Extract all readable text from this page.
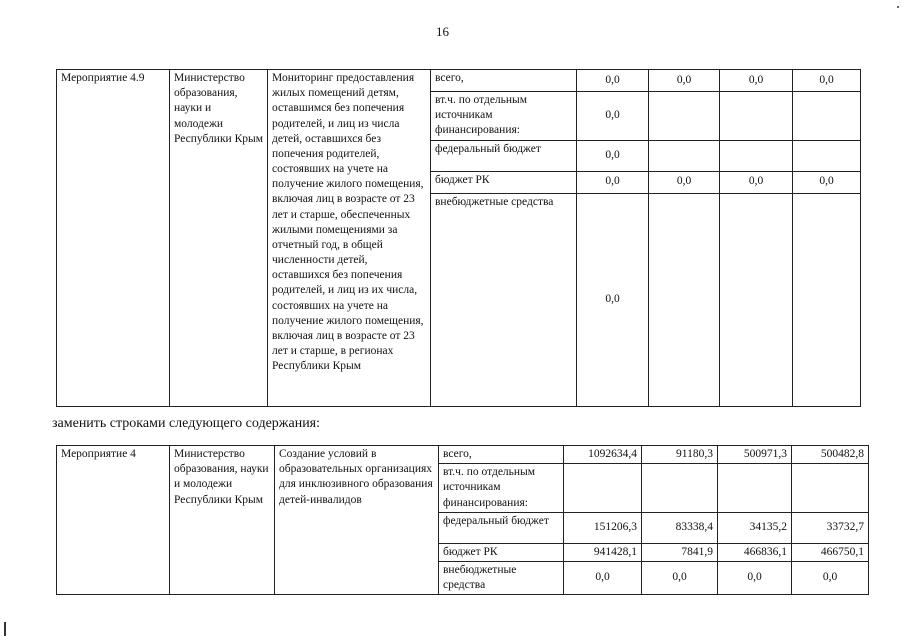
16
Мероприятие 4.9	Министерство образования, науки и молодежи Республики Крым	Мониторинг предоставления жилых помещений детям, оставшимся без попечения родителей, и лиц из числа детей, оставшихся без попечения родителей, состоявших на учете на получение жилого помещения, включая лиц в возрасте от 23 лет и старше, обеспеченных жилыми помещениями за отчетный год, в общей численности детей, оставшихся без попечения родителей, и лиц из их числа, состоявших на учете на получение жилого помещения, включая лиц в возрасте от 23 лет и старше, в регионах Республики Крым	всего,	0,0	0,0	0,0	0,0
			вт.ч. по отдельным источникам финансирования:	0,0			
			федеральный бюджет	0,0			
			бюджет РК	0,0	0,0	0,0	0,0
			внебюджетные средства	0,0			
заменить строками следующего содержания:
Мероприятие 4	Министерство образования, науки и молодежи Республики Крым	Создание условий в образовательных организациях для инклюзивного образования детей-инвалидов	всего,	1092634,4	91180,3	500971,3	500482,8
			вт.ч. по отдельным источникам финансирования:				
			федеральный бюджет	151206,3	83338,4	34135,2	33732,7
			бюджет РК	941428,1	7841,9	466836,1	466750,1
			внебюджетные средства	0,0	0,0	0,0	0,0
